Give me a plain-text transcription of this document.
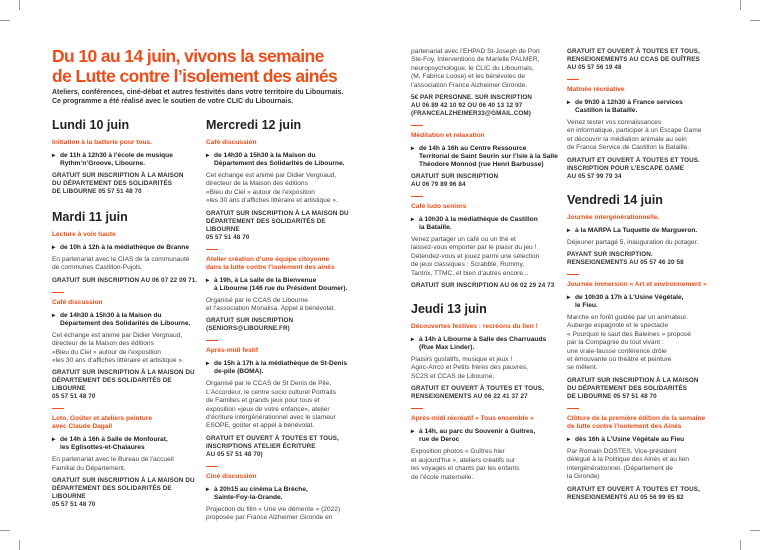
Du 10 au 14 juin, vivons la semaine
de Lutte contre l’isolement des ainés
Ateliers, conférences, ciné-débat et autres festivités dans votre territoire du Libournais.
Ce programme a été réalisé avec le soutien de votre CLIC du Libournais.
Lundi 10 juin
Initiation à la batterie pour tous.
▸ de 11h à 12h30 à l’école de musique
Rythm’n’Groove, Libourne.
GRATUIT SUR INSCRIPTION À LA MAISON
DU DÉPARTEMENT DES SOLIDARITÉS
DE LIBOURNE 05 57 51 48 70
Mardi 11 juin
Lecture à voix haute
▸ de 10h à 12h à la médiathèque de Branne
En partenariat avec le CIAS de la communauté
de communes Castillon-Pujols.
GRATUIT SUR INSCRIPTION AU 06 07 22 09 71.
Café discussion
▸ de 14h30 à 15h30 à la Maison du
Département des Solidarités de Libourne.
Cet échange est animé par Didier Vergnaud,
directeur de la Maison des éditions
«Bleu du Ciel » autour de l’exposition
«les 30 ans d’affiches littéraire et artistique ».
GRATUIT SUR INSCRIPTION À LA MAISON DU
DÉPARTEMENT DES SOLIDARITÉS DE LIBOURNE
05 57 51 48 70
Loto, Goûter et ateliers peinture
avec Claude Dagail
▸ de 14h à 16h à Salle de Monfourat,
les Eglisottes-et-Chalaures
En partenariat avec le Bureau de l’accueil
Familial du Département.
GRATUIT SUR INSCRIPTION À LA MAISON DU
DÉPARTEMENT DES SOLIDARITÉS DE LIBOURNE
05 57 51 48 70
Mercredi 12 juin
Café discussion
▸ de 14h30 à 15h30 à la Maison du
Département des Solidarités de Libourne.
Cet échange est animé par Didier Vergnaud,
directeur de la Maison des éditions
«Bleu du Ciel » autour de l’exposition
«les 30 ans d’affiches littéraire et artistique ».
GRATUIT SUR INSCRIPTION À LA MAISON DU
DÉPARTEMENT DES SOLIDARITÉS DE LIBOURNE
05 57 51 48 70
Atelier création d’une équipe citoyenne
dans la lutte contre l’isolement des ainés
▸ à 19h, à La salle de la Bienvenue
à Libourne (146 rue du Président Doumer).
Organisé par le CCAS de Libourne
et l’association Monalisa. Appel à bénévolat.
GRATUIT SUR INSCRIPTION
(SENIORS@LIBOURNE.FR)
Après-midi festif
▸ de 15h à 17h à la médiathèque de St-Denis
de-pile (BOMA).
Organisé par le CCAS de St Denis de Pile,
L’Accordeur, le centre socio culturel Portraits
de Familles et grands jeux pour tous et
exposition «jeux de votre enfance», atelier
d’écriture intergénérationnel avec le slameur
ESOPE, goûter et appel à bénévolat.
GRATUIT ET OUVERT À TOUTES ET TOUS,
INSCRIPTIONS ATELIER ÉCRITURE
AU 05 57 51 48 70)
Ciné discussion
▸ à 20h15 au cinéma La Brèche,
Sainte-Foy-la-Grande.
Projection du film « Une vie démente » (2022)
proposée par France Alzheimer Gironde en
partenariat avec l’EHPAD St-Joseph de Port
Ste-Foy. Interventions de Marielle PALMER,
neuropsychologue, le CLIC du Libournais,
(M. Fabrice Loose) et les bénévoles de
l’association France Alzheimer Gironde.
5€ PAR PERSONNE. SUR INSCRIPTION
AU 06 89 42 10 92 OU 06 40 13 12 97
(FRANCEALZHEIMER33@GMAIL.COM)
Méditation et relaxation
▸ de 14h à 16h au Centre Ressource
Territorial de Saint Seurin sur l’Isle à la Salle
Théodore Monnod (rue Henri Barbusse)
GRATUIT SUR INSCRIPTION
AU 06 79 89 96 84
Café ludo seniors
▸ à 10h30 à la médiathèque de Castillon
la Bataille.
Venez partager un café ou un thé et
laissez-vous emporter par le plaisir du jeu !
Détendez-vous et jouez parmi une sélection
de jeux classiques : Scrabble, Rummy,
Tantrix, TTMC, et bien d’autres encore...
GRATUIT SUR INSCRIPTION AU 06 02 29 24 73
Jeudi 13 juin
Découvertes festives : recréons du lien !
▸ à 14h à Libourne à Salle des Charruauds
(Rue Max Linder).
Plaisirs gustatifs, musique et jeux !
Agirc-Arrco et Petits frères des pauvres,
SC2S et CCAS de Libourne.
GRATUIT ET OUVERT À TOUTES ET TOUS,
RENSEIGNEMENTS AU 06 22 41 37 27
Après-midi récréatif « Tous ensemble »
▸ à 14h, au parc du Souvenir à Guitres,
rue de Deroc
Exposition photos « Guîtres hier
et aujourd’hui », ateliers créatifs sur
les voyages et chants par les enfants
de l’école maternelle.
GRATUIT ET OUVERT À TOUTES ET TOUS,
RENSEIGNEMENTS AU CCAS DE GUÎTRES
AU 05 57 56 19 48
Matinée récréative
▸ de 9h30 à 12h30 à France services
Castillon la Bataille.
Venez tester vos connaissances
en informatique, participer à un Escape Game
et découvrir la médiation animale au sein
de France Service de Castillon la Bataille.
GRATUIT ET OUVERT À TOUTES ET TOUS.
INSCRIPTION POUR L’ESCAPE GAME
AU 05 57 99 79 34
Vendredi 14 juin
Journée intergénérationnelle.
▸ à la MARPA La Tuquette de Margueron.
Déjeuner partagé 5, inauguration du potager.
PAYANT SUR INSCRIPTION.
RENSEIGNEMENTS AU 05 57 46 20 58
Journée immersion « Art et environnement »
▸ de 10h30 à 17h à L’Usine Végétale,
le Fieu.
Marche en forêt guidée par un animateur.
Auberge espagnole et le spectacle
« Pourquoi le saut des Baleines » proposé
par la Compagnie du tout vivant :
une vraie-fausse conférence drôle
et émouvante où théâtre et peinture
se mêlent.
GRATUIT SUR INSCRIPTION À LA MAISON
DU DÉPARTEMENT DES SOLIDARITÉS
DE LIBOURNE 05 57 51 48 70
Clôture de la première édition de la semaine
de lutte contre l’isolement des Ainés
▸ dès 16h à L’Usine Végétale au Fieu
Par Romain DOSTES, Vice-président
délégué à la Politique des Ainés et au lien
intergénérationnel. (Département de
la Gironde)
GRATUIT ET OUVERT À TOUTES ET TOUS,
RENSEIGNEMENTS AU 05 56 99 65 82
